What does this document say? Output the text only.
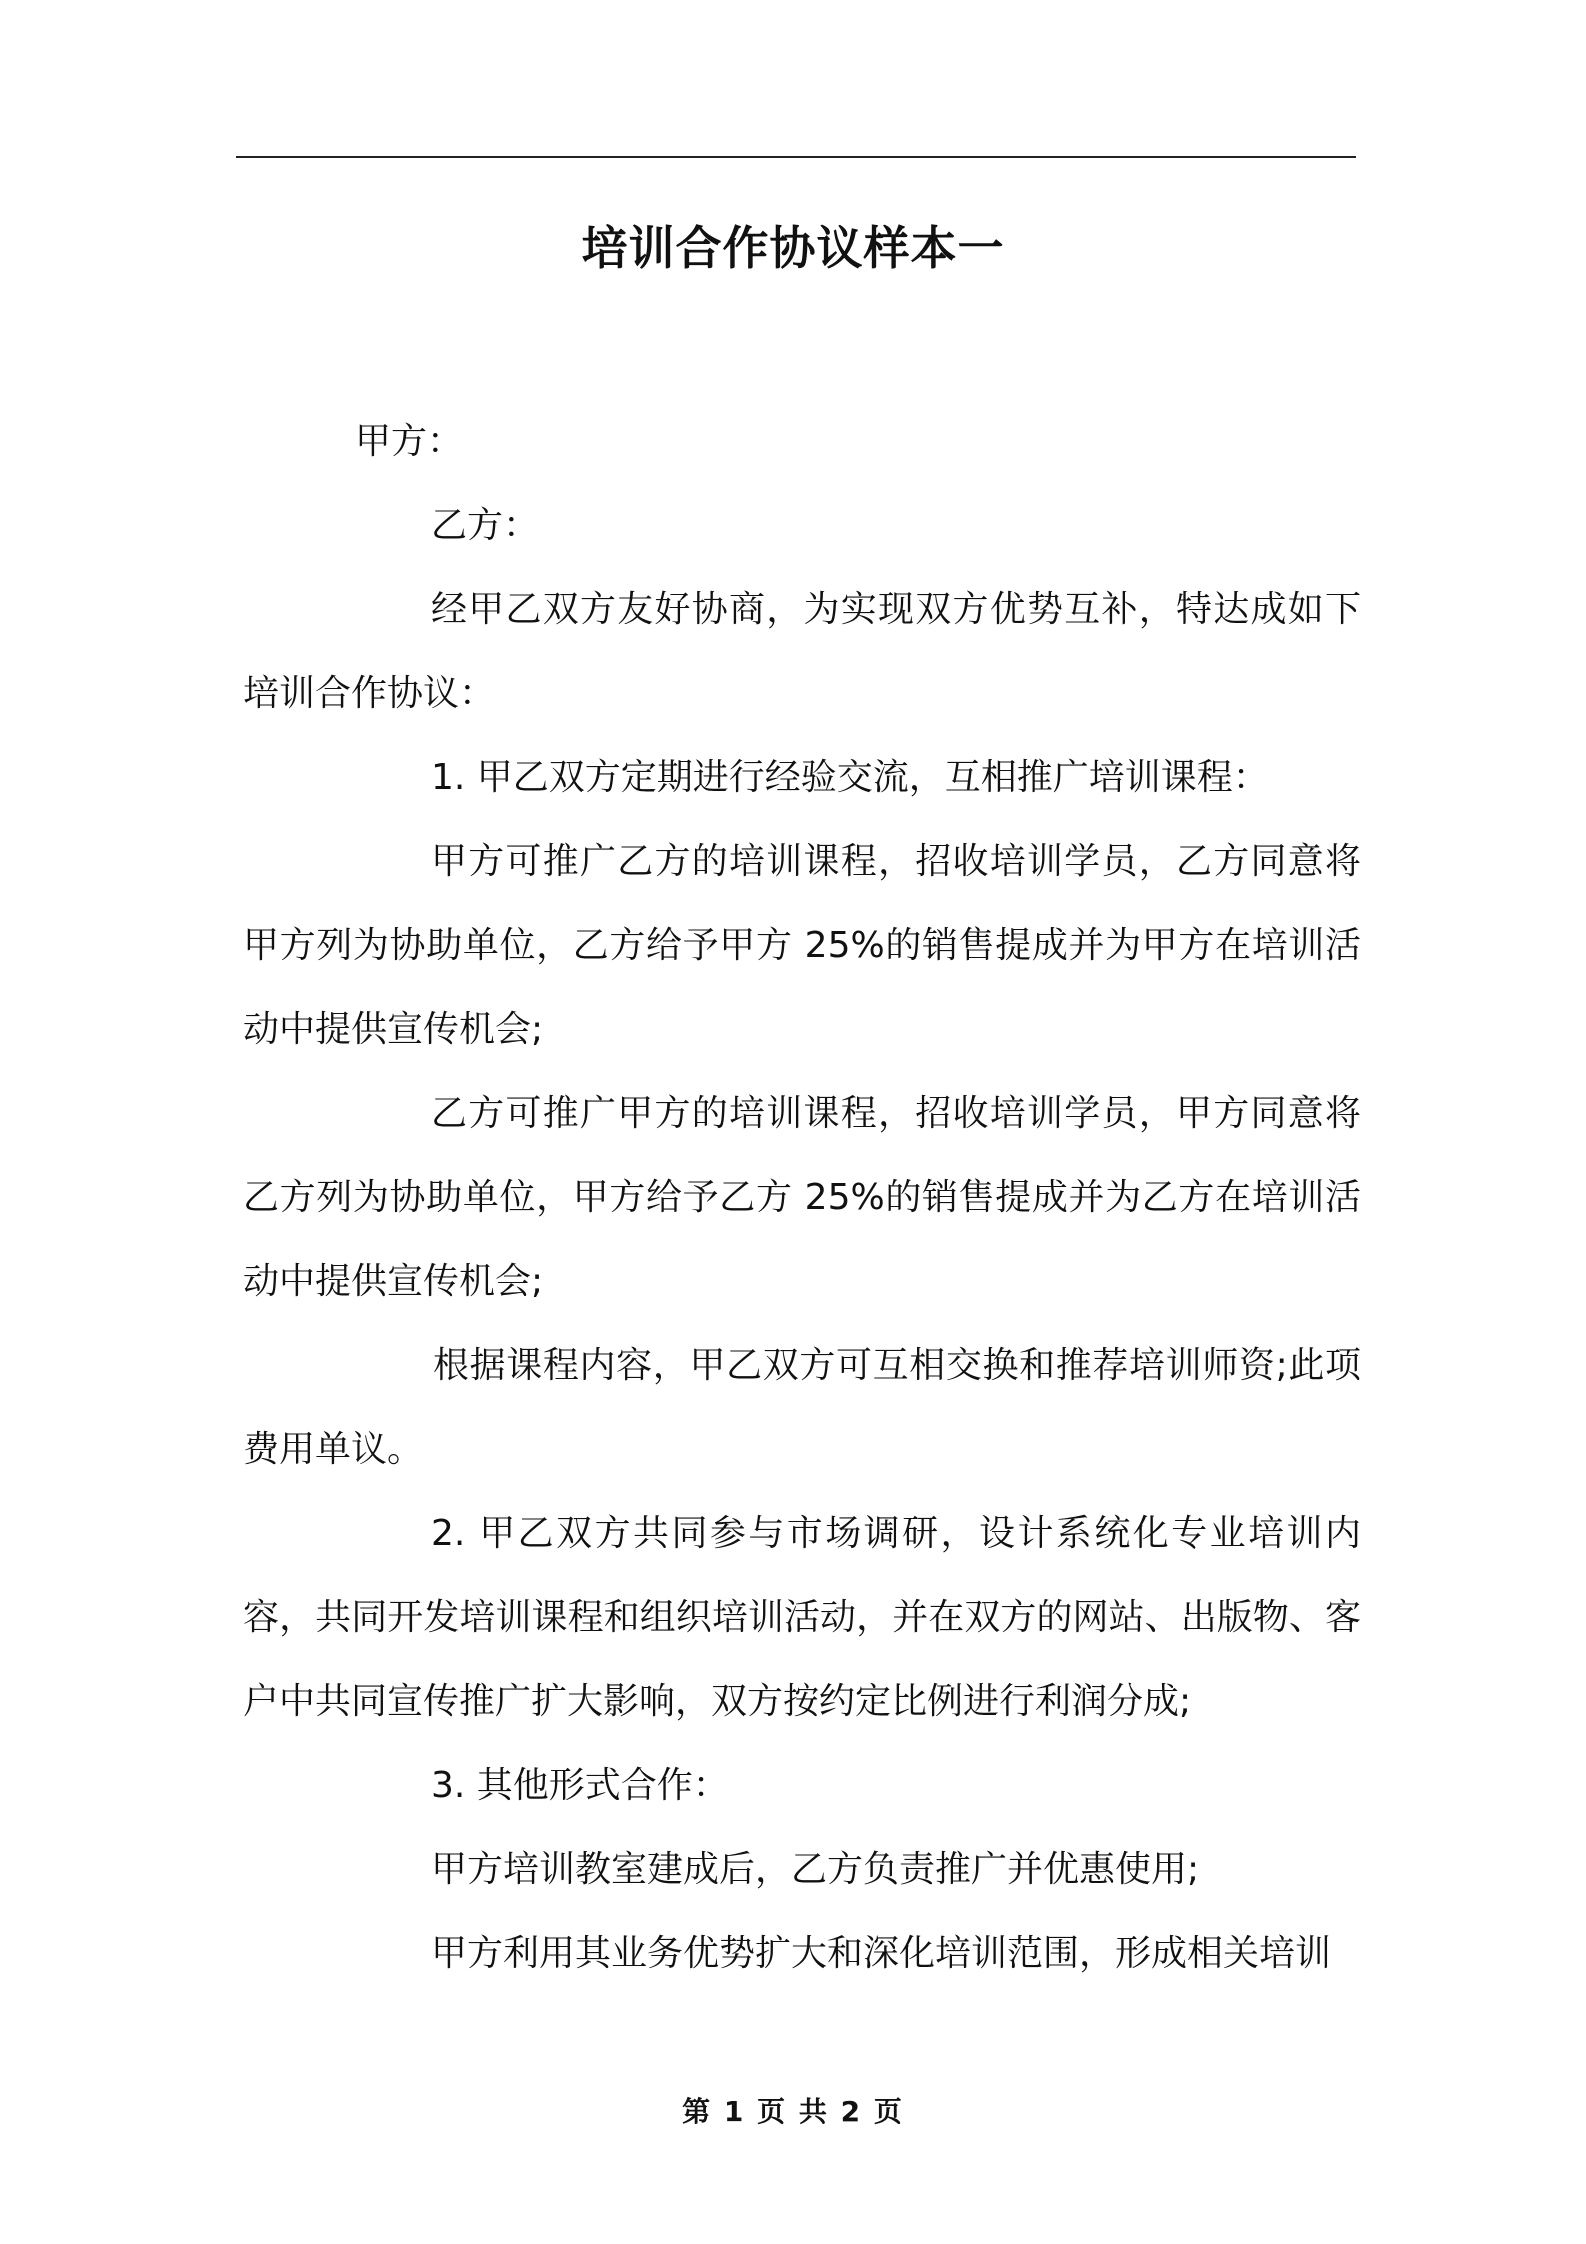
培训合作协议样本一

甲方：

乙方：

经甲乙双方友好协商，为实现双方优势互补，特达成如下培训合作协议：

1. 甲乙双方定期进行经验交流，互相推广培训课程：

甲方可推广乙方的培训课程，招收培训学员，乙方同意将甲方列为协助单位，乙方给予甲方 25%的销售提成并为甲方在培训活动中提供宣传机会;

乙方可推广甲方的培训课程，招收培训学员，甲方同意将乙方列为协助单位，甲方给予乙方 25%的销售提成并为乙方在培训活动中提供宣传机会;

根据课程内容，甲乙双方可互相交换和推荐培训师资;此项费用单议。

2. 甲乙双方共同参与市场调研，设计系统化专业培训内容，共同开发培训课程和组织培训活动，并在双方的网站、出版物、客户中共同宣传推广扩大影响，双方按约定比例进行利润分成;

3. 其他形式合作：

甲方培训教室建成后，乙方负责推广并优惠使用;

甲方利用其业务优势扩大和深化培训范围，形成相关培训

第 1 页 共 2 页
